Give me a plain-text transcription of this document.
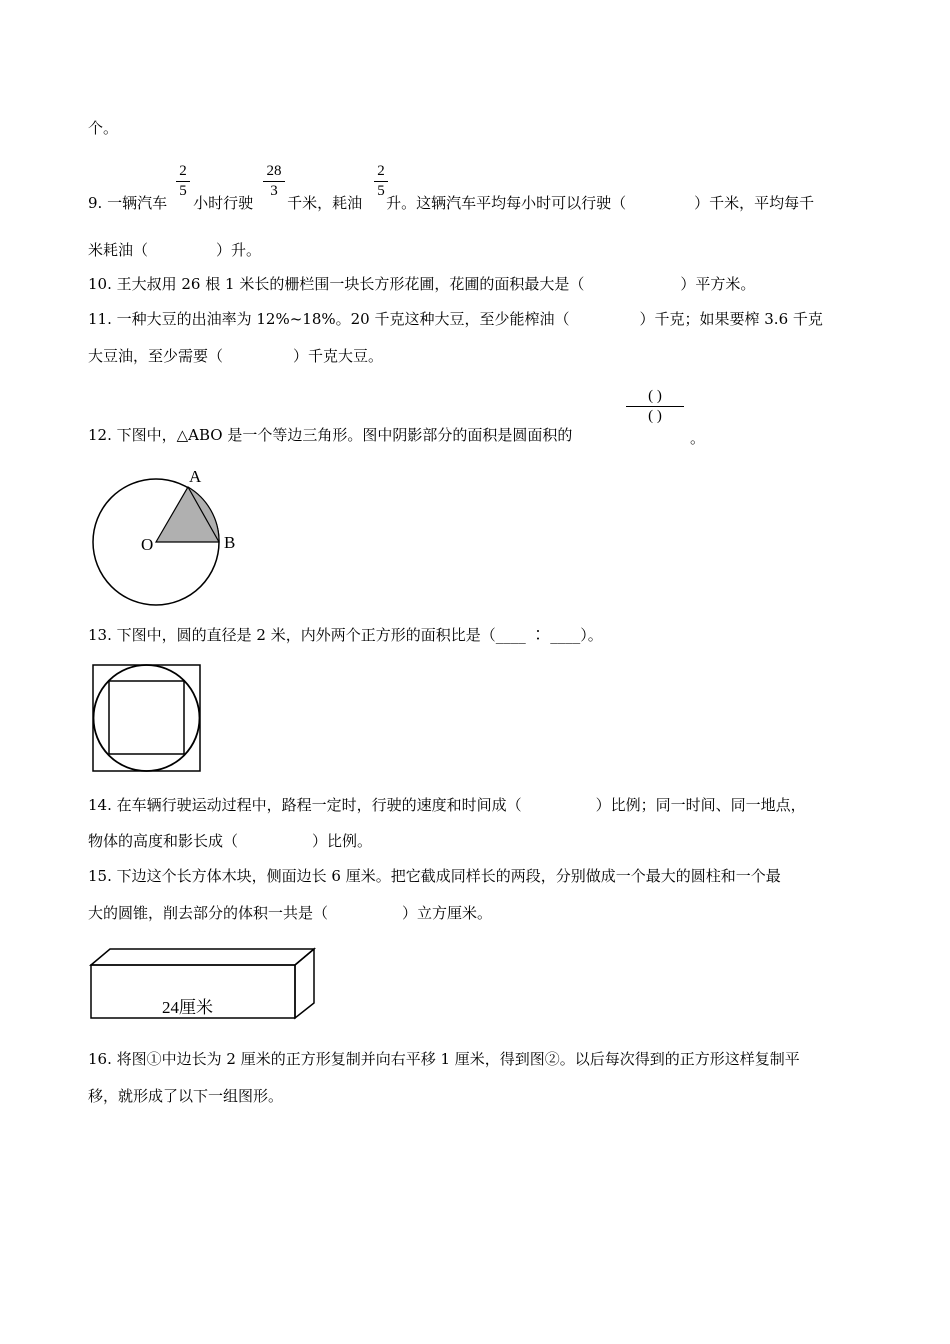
个。
9. 一辆汽车 小时行驶 千米，耗油 升。这辆汽车平均每小时可以行驶（	）千米，平均每千
2
5
28
3
2
5
米耗油（	）升。
10. 王大叔用 26 根 1 米长的栅栏围一块长方形花圃，花圃的面积最大是（	）平方米。
11. 一种大豆的出油率为 12%~18%。20 千克这种大豆，至少能榨油（	）千克；如果要榨 3.6 千克
大豆油，至少需要（	）千克大豆。
12. 下图中，△ABO 是一个等边三角形。图中阴影部分的面积是圆面积的
( )
( )
。
A
B
O
13. 下图中，圆的直径是 2 米，内外两个正方形的面积比是（____ ∶ ____）。
14. 在车辆行驶运动过程中，路程一定时，行驶的速度和时间成（	）比例；同一时间、同一地点，
物体的高度和影长成（	）比例。
15. 下边这个长方体木块，侧面边长 6 厘米。把它截成同样长的两段，分别做成一个最大的圆柱和一个最
大的圆锥，削去部分的体积一共是（	）立方厘米。
24厘米
16. 将图①中边长为 2 厘米的正方形复制并向右平移 1 厘米，得到图②。以后每次得到的正方形这样复制平
移，就形成了以下一组图形。
